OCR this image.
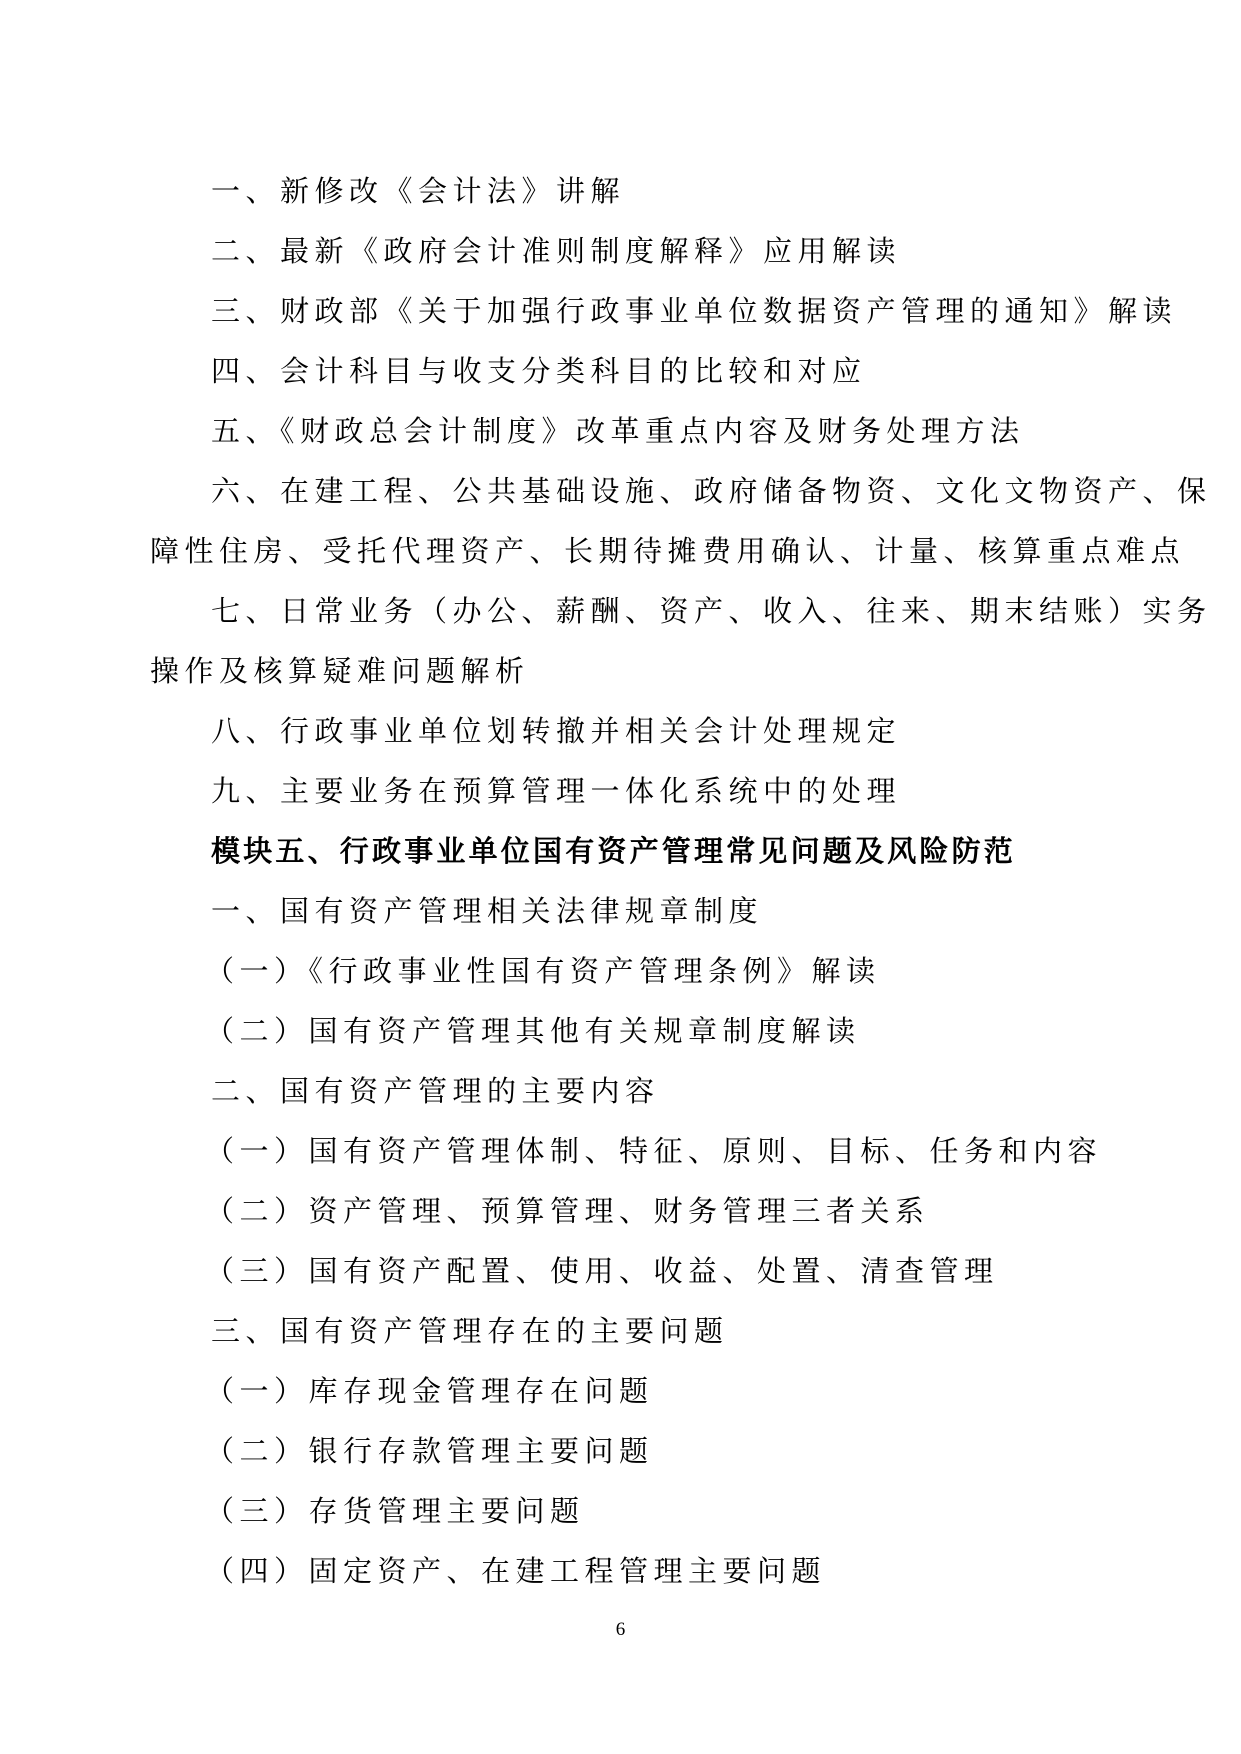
一、新修改《会计法》讲解
二、最新《政府会计准则制度解释》应用解读
三、财政部《关于加强行政事业单位数据资产管理的通知》解读
四、会计科目与收支分类科目的比较和对应
五、《财政总会计制度》改革重点内容及财务处理方法
六、在建工程、公共基础设施、政府储备物资、文化文物资产、保
障性住房、受托代理资产、长期待摊费用确认、计量、核算重点难点
七、日常业务（办公、薪酬、资产、收入、往来、期末结账）实务
操作及核算疑难问题解析
八、行政事业单位划转撤并相关会计处理规定
九、主要业务在预算管理一体化系统中的处理
模块五、行政事业单位国有资产管理常见问题及风险防范
一、国有资产管理相关法律规章制度
（一）《行政事业性国有资产管理条例》解读
（二）国有资产管理其他有关规章制度解读
二、国有资产管理的主要内容
（一）国有资产管理体制、特征、原则、目标、任务和内容
（二）资产管理、预算管理、财务管理三者关系
（三）国有资产配置、使用、收益、处置、清查管理
三、国有资产管理存在的主要问题
（一）库存现金管理存在问题
（二）银行存款管理主要问题
（三）存货管理主要问题
（四）固定资产、在建工程管理主要问题
6
